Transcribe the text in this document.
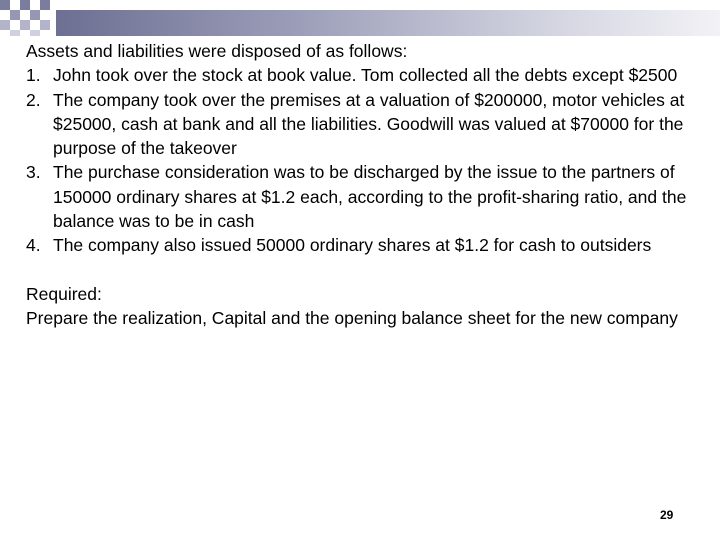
Assets and liabilities were disposed of as follows:

1. John took over the stock at book value. Tom collected all the debts except $2500
2. The company took over the premises at a valuation of $200000, motor vehicles at $25000, cash at bank and all the liabilities. Goodwill was valued at $70000 for the purpose of the takeover
3. The purchase consideration was to be discharged by the issue to the partners of 150000 ordinary shares at $1.2 each, according to the profit-sharing ratio, and the balance was to be in cash
4. The company also issued 50000 ordinary shares at $1.2 for cash to outsiders

Required:

Prepare the realization, Capital and the opening balance sheet for the new company

29
